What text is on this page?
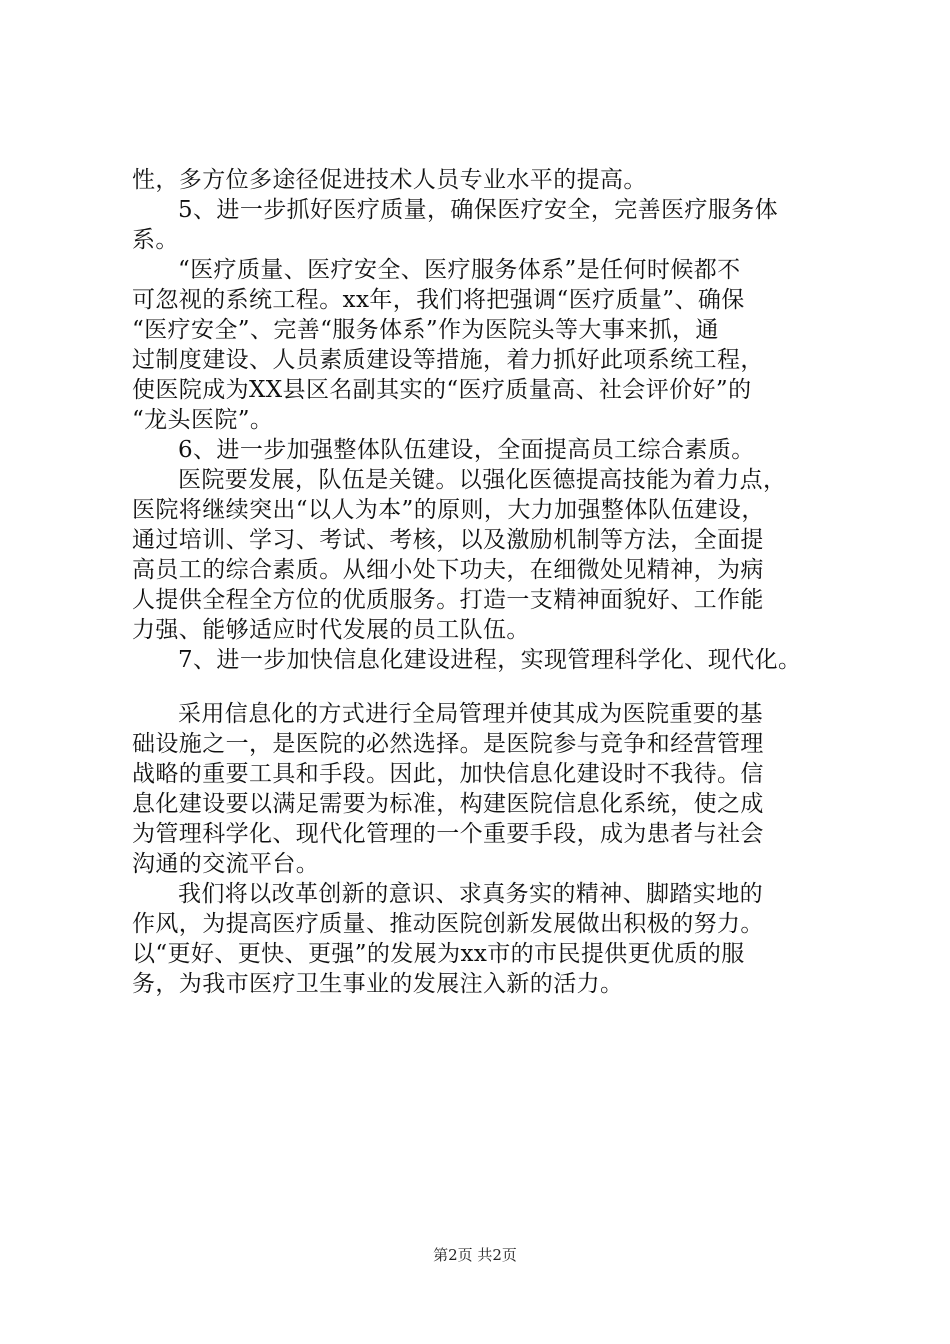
性，多方位多途径促进技术人员专业水平的提高。
5、进一步抓好医疗质量，确保医疗安全，完善医疗服务体
系。
“医疗质量、医疗安全、医疗服务体系”是任何时候都不
可忽视的系统工程。xx年，我们将把强调“医疗质量”、确保
“医疗安全”、完善“服务体系”作为医院头等大事来抓，通
过制度建设、人员素质建设等措施，着力抓好此项系统工程，
使医院成为XX县区名副其实的“医疗质量高、社会评价好”的
“龙头医院”。
6、进一步加强整体队伍建设，全面提高员工综合素质。
医院要发展，队伍是关键。以强化医德提高技能为着力点，
医院将继续突出“以人为本”的原则，大力加强整体队伍建设，
通过培训、学习、考试、考核，以及激励机制等方法，全面提
高员工的综合素质。从细小处下功夫，在细微处见精神，为病
人提供全程全方位的优质服务。打造一支精神面貌好、工作能
力强、能够适应时代发展的员工队伍。
7、进一步加快信息化建设进程，实现管理科学化、现代化。
采用信息化的方式进行全局管理并使其成为医院重要的基
础设施之一，是医院的必然选择。是医院参与竞争和经营管理
战略的重要工具和手段。因此，加快信息化建设时不我待。信
息化建设要以满足需要为标准，构建医院信息化系统，使之成
为管理科学化、现代化管理的一个重要手段，成为患者与社会
沟通的交流平台。
我们将以改革创新的意识、求真务实的精神、脚踏实地的
作风，为提高医疗质量、推动医院创新发展做出积极的努力。
以“更好、更快、更强”的发展为xx市的市民提供更优质的服
务，为我市医疗卫生事业的发展注入新的活力。
第2页 共2页
